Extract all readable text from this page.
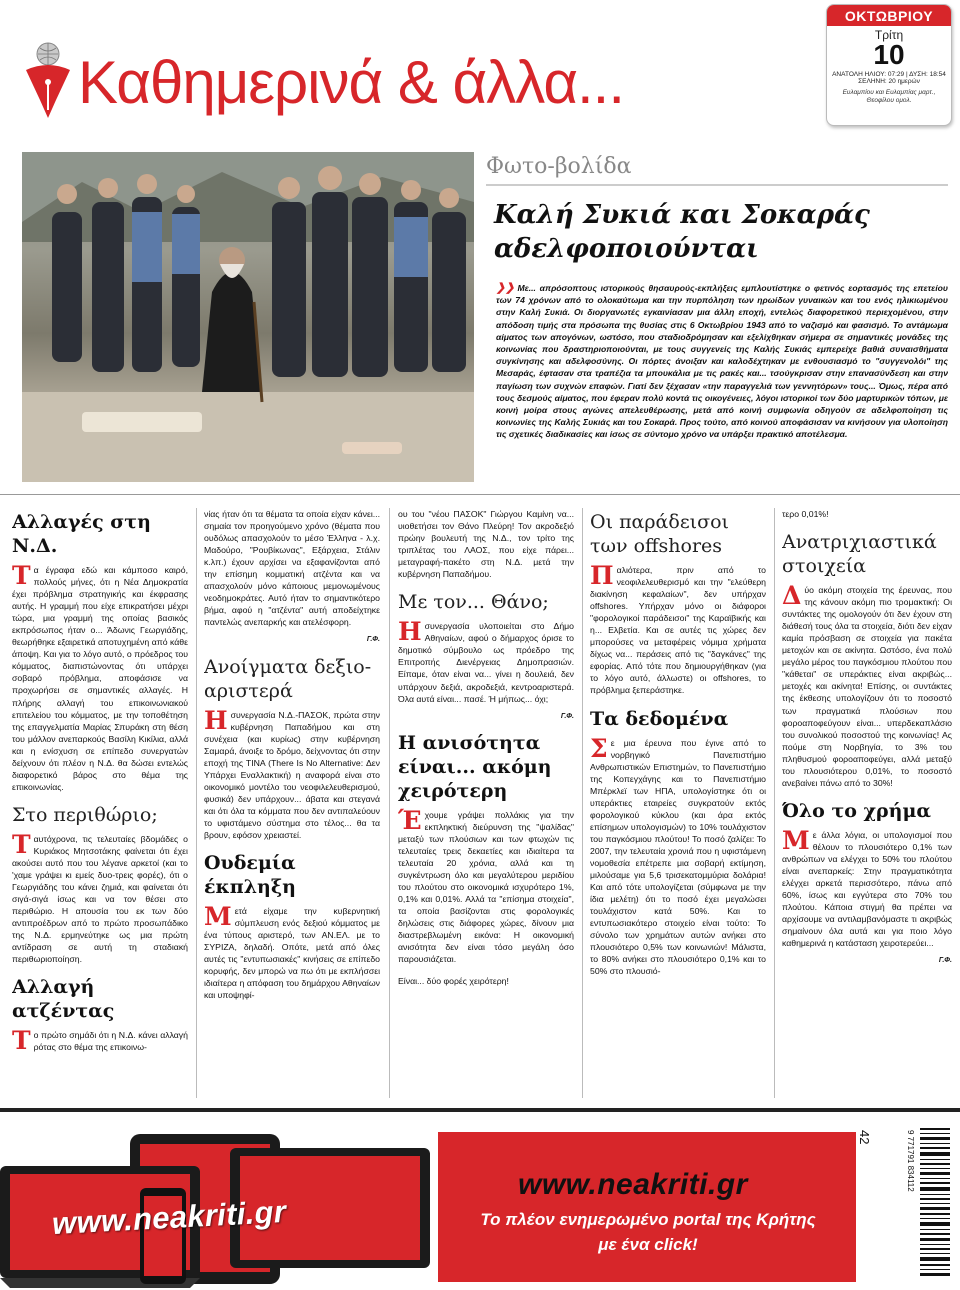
Καθημερινά & άλλα...
ΟΚΤΩΒΡΙΟΥ
Τρίτη
10
ΑΝΑΤΟΛΗ ΗΛΙΟΥ: 07:29 | ΔΥΣΗ: 18:54
ΣΕΛΗΝΗ: 20 ημερών
Ευλαμπίου και Ευλαμπίας μαρτ., Θεοφίλου ομολ.
Φωτο-βολίδα
Καλή Συκιά και Σοκαράς αδελφοποιούνται
❯❯ Με... απρόσοπτους ιστορικούς θησαυρούς-εκπλήξεις εμπλουτίστηκε ο φετινός εορτασμός της επετείου των 74 χρόνων από το ολοκαύτωμα και την πυρπόληση των ηρωίδων γυναικών και του ενός ηλικιωμένου στην Καλή Συκιά. Οι διοργανωτές εγκαινίασαν μια άλλη εποχή, εντελώς διαφορετικού περιεχομένου, στην απόδοση τιμής στα πρόσωπα της θυσίας στις 6 Οκτωβρίου 1943 από το ναζισμό και φασισμό. Το αντάμωμα αίματος των απογόνων, ωστόσο, που σταδιοδρόμησαν και εξελίχθηκαν σήμερα σε σημαντικές μονάδες της κοινωνίας που δραστηριοποιούνται, με τους συγγενείς της Καλής Συκιάς εμπερείχε βαθιά συναισθήματα συγκίνησης και αδελφοσύνης. Οι πόρτες άνοιξαν και καλοδέχτηκαν με ενθουσιασμό το "συγγενολόι" της Μεσαράς, έφτασαν στα τραπέζια τα μπουκάλια με τις ρακές και... τσούγκρισαν στην επανασύνδεση και στην παγίωση των συχνών επαφών. Γιατί δεν ξέχασαν «την παραγγελιά των γεννητόρων» τους... Όμως, πέρα από τους δεσμούς αίματος, που έφεραν πολύ κοντά τις οικογένειες, λόγοι ιστορικοί των δύο μαρτυρικών τόπων, με κοινή μοίρα στους αγώνες απελευθέρωσης, μετά από κοινή συμφωνία οδηγούν σε αδελφοποίηση τις κοινωνίες της Καλής Συκιάς και του Σοκαρά. Προς τούτο, από κοινού αποφάσισαν να κινήσουν για υλοποίηση τις σχετικές διαδικασίες και ίσως σε σύντομο χρόνο να υπάρξει πρακτικό αποτέλεσμα.
Αλλαγές στη Ν.Δ.
Τα έγραφα εδώ και κάμποσο καιρό, πολλούς μήνες, ότι η Νέα Δημοκρατία έχει πρόβλημα στρατηγικής και έκφρασης αυτής. Η γραμμή που είχε επικρατήσει μέχρι τώρα, μια γραμμή της οποίας βασικός εκπρόσωπος ήταν ο... Άδωνις Γεωργιάδης, θεωρήθηκε εξαιρετικά αποτυχημένη από κάθε άποψη. Και για το λόγο αυτό, ο πρόεδρος του κόμματος, διαπιστώνοντας ότι υπάρχει σοβαρό πρόβλημα, αποφάσισε να προχωρήσει σε σημαντικές αλλαγές. Η πλήρης αλλαγή του επικοινωνιακού επιτελείου του κόμματος, με την τοποθέτηση της επαγγελματία Μαρίας Σπυράκη στη θέση του μάλλον ανεπαρκούς Βασίλη Κικίλια, αλλά και η ενίσχυση σε επίπεδο συνεργατών δείχνουν ότι πλέον η Ν.Δ. θα δώσει εντελώς διαφορετικό βάρος στο θέμα της επικοινωνίας.
Στο περιθώριο;
Ταυτόχρονα, τις τελευταίες βδομάδες ο Κυριάκος Μητσοτάκης φαίνεται ότι έχει ακούσει αυτό που του λέγανε αρκετοί (και το 'χαμε γράψει κι εμείς δυο-τρεις φορές), ότι ο Γεωργιάδης του κάνει ζημιά, και φαίνεται ότι σιγά-σιγά ίσως και να τον θέσει στο περιθώριο. Η απουσία του εκ των δύο αντιπροέδρων από το πρώτο προσωπάδικο της Ν.Δ. ερμηνεύτηκε ως μια πρώτη αντίδραση σε αυτή τη σταδιακή περιθωριοποίηση.
Αλλαγή ατζέντας
Το πρώτο σημάδι ότι η Ν.Δ. κάνει αλλαγή ρότας στο θέμα της επικοινω-
νίας ήταν ότι τα θέματα τα οποία είχαν κάνει... σημαία τον προηγούμενο χρόνο (θέματα που ουδόλως απασχολούν το μέσο Έλληνα - λ.χ. Μαδούρο, "Ρουβίκωνας", Εξάρχεια, Στάλιν κ.λπ.) έχουν αρχίσει να εξαφανίζονται από την επίσημη κομματική ατζέντα και να απασχολούν μόνο κάποιους μεμονωμένους νεοδημοκράτες. Αυτό ήταν το σημαντικότερο βήμα, αφού η "ατζέντα" αυτή αποδείχτηκε παντελώς ανεπαρκής και ατελέσφορη.
Γ.Φ.
Ανοίγματα δεξιο-αριστερά
Η συνεργασία Ν.Δ.-ΠΑΣΟΚ, πρώτα στην κυβέρνηση Παπαδήμου και στη συνέχεια (και κυρίως) στην κυβέρνηση Σαμαρά, άνοιξε το δρόμο, δείχνοντας ότι στην εποχή της TINA (There Is No Alternative: Δεν Υπάρχει Εναλλακτική) η αναφορά είναι στο οικονομικό μοντέλο του νεοφιλελευθερισμού, φυσικά) δεν υπάρχουν... άβατα και στεγανά και ότι όλα τα κόμματα που δεν αντιπαλεύουν το υφιστάμενο σύστημα στο τέλος... θα τα βρουν, εφόσον χρειαστεί.
Ουδεμία έκπληξη
Μετά είχαμε την κυβερνητική σύμπλευση ενός δεξιού κόμματος με ένα τύπους αριστερό, των ΑΝ.ΕΛ. με το ΣΥΡΙΖΑ, δηλαδή. Οπότε, μετά από όλες αυτές τις "εντυπωσιακές" κινήσεις σε επίπεδο κορυφής, δεν μπορώ να πω ότι με εκπλήσσει ιδιαίτερα η απόφαση του δημάρχου Αθηναίων και υποψηφί-
ου του "νέου ΠΑΣΟΚ" Γιώργου Καμίνη να... υιοθετήσει τον Θάνο Πλεύρη! Τον ακροδεξιό πρώην βουλευτή της Ν.Δ., τον τρίτο της τριπλέτας του ΛΑΟΣ, που είχε πάρει... μεταγραφή-πακέτο στη Ν.Δ. μετά την κυβέρνηση Παπαδήμου.
Με τον... Θάνο;
Η συνεργασία υλοποιείται στο Δήμο Αθηναίων, αφού ο δήμαρχος όρισε το δημοτικό σύμβουλο ως πρόεδρο της Επιτροπής Διενέργειας Δημοπρασιών. Είπαμε, όταν είναι να... γίνει η δουλειά, δεν υπάρχουν δεξιά, ακροδεξιά, κεντροαριστερά. Όλα αυτά είναι... πασέ. Ή μήπως... όχι;
Γ.Φ.
Η ανισότητα είναι... ακόμη χειρότερη
Έχουμε γράψει πολλάκις για την εκπληκτική διεύρυνση της "ψαλίδας" μεταξύ των πλούσιων και των φτωχών τις τελευταίες τρεις δεκαετίες και ιδιαίτερα τα τελευταία 20 χρόνια, αλλά και τη συγκέντρωση όλο και μεγαλύτερου μεριδίου του πλούτου στο οικονομικά ισχυρότερο 1%, 0,1% και 0,01%. Αλλά τα "επίσημα στοιχεία", τα οποία βασίζονται στις φορολογικές δηλώσεις στις διάφορες χώρες, δίνουν μια διαστρεβλωμένη εικόνα: Η οικονομική ανισότητα δεν είναι τόσο μεγάλη όσο παρουσιάζεται.
Είναι... δύο φορές χειρότερη!
Οι παράδεισοι των offshores
Παλιότερα, πριν από το νεοφιλελευθερισμό και την "ελεύθερη διακίνηση κεφαλαίων", δεν υπήρχαν offshores. Υπήρχαν μόνο οι διάφοροι "φορολογικοί παράδεισοι" της Καραϊβικής και η... Ελβετία. Και σε αυτές τις χώρες δεν μπορούσες να μεταφέρεις νόμιμα χρήματα δίχως να... περάσεις από τις "δαγκάνες" της εφορίας. Από τότε που δημιουργήθηκαν (για το λόγο αυτό, άλλωστε) οι offshores, το πρόβλημα ξεπεράστηκε.
Τα δεδομένα
Σε μια έρευνα που έγινε από το νορβηγικό Πανεπιστήμιο Ανθρωπιστικών Επιστημών, το Πανεπιστήμιο της Κοπεγχάγης και το Πανεπιστήμιο Μπέρκλεϊ των ΗΠΑ, υπολογίστηκε ότι οι υπεράκτιες εταιρείες συγκρατούν εκτός φορολογικού κύκλου (και άρα εκτός επίσημων υπολογισμών) το 10% τουλάχιστον του παγκόσμιου πλούτου! Το ποσό ζαλίζει: Το 2007, την τελευταία χρονιά που η υφιστάμενη νομοθεσία επέτρεπε μια σοβαρή εκτίμηση, μιλούσαμε για 5,6 τρισεκατομμύρια δολάρια! Και από τότε υπολογίζεται (σύμφωνα με την ίδια μελέτη) ότι το ποσό έχει μεγαλώσει τουλάχιστον κατά 50%. Και το εντυπωσιακότερο στοιχείο είναι τούτο: Το σύνολο των χρημάτων αυτών ανήκει στο πλουσιότερο 0,5% των κοινωνιών! Μάλιστα, το 80% ανήκει στο πλουσιότερο 0,1% και το 50% στο πλουσιό-
τερο 0,01%!
Ανατριχιαστικά στοιχεία
Δύο ακόμη στοιχεία της έρευνας, που της κάνουν ακόμη πιο τρομακτική: Οι συντάκτες της ομολογούν ότι δεν έχουν στη διάθεσή τους όλα τα στοιχεία, διότι δεν είχαν καμία πρόσβαση σε στοιχεία για πακέτα μετοχών και σε ακίνητα. Ωστόσο, ένα πολύ μεγάλο μέρος του παγκόσμιου πλούτου που "κάθεται" σε υπεράκτιες είναι ακριβώς... μετοχές και ακίνητα! Επίσης, οι συντάκτες της έκθεσης υπολογίζουν ότι το ποσοστό των πραγματικά πλούσιων που φοροαποφεύγουν είναι... υπερδεκαπλάσιο του συνολικού ποσοστού της κοινωνίας! Ας πούμε στη Νορβηγία, το 3% του πληθυσμού φοροαποφεύγει, αλλά μεταξύ του πλουσιότερου 0,01%, το ποσοστό ανεβαίνει πάνω από το 30%!
Όλο το χρήμα
Με άλλα λόγια, οι υπολογισμοί που θέλουν το πλουσιότερο 0,1% των ανθρώπων να ελέγχει το 50% του πλούτου είναι ανεπαρκείς: Στην πραγματικότητα ελέγχει αρκετά περισσότερο, πάνω από 60%, ίσως και εγγύτερα στο 70% του πλούτου. Κάποια στιγμή θα πρέπει να αρχίσουμε να αντιλαμβανόμαστε τι ακριβώς σημαίνουν όλα αυτά και για ποιο λόγο καθημερινά η κατάσταση χειροτερεύει...
Γ.Φ.
www.neakriti.gr
www.neakriti.gr
Το πλέον ενημερωμένο portal της Κρήτης
με ένα click!
42	9 771791 834112
